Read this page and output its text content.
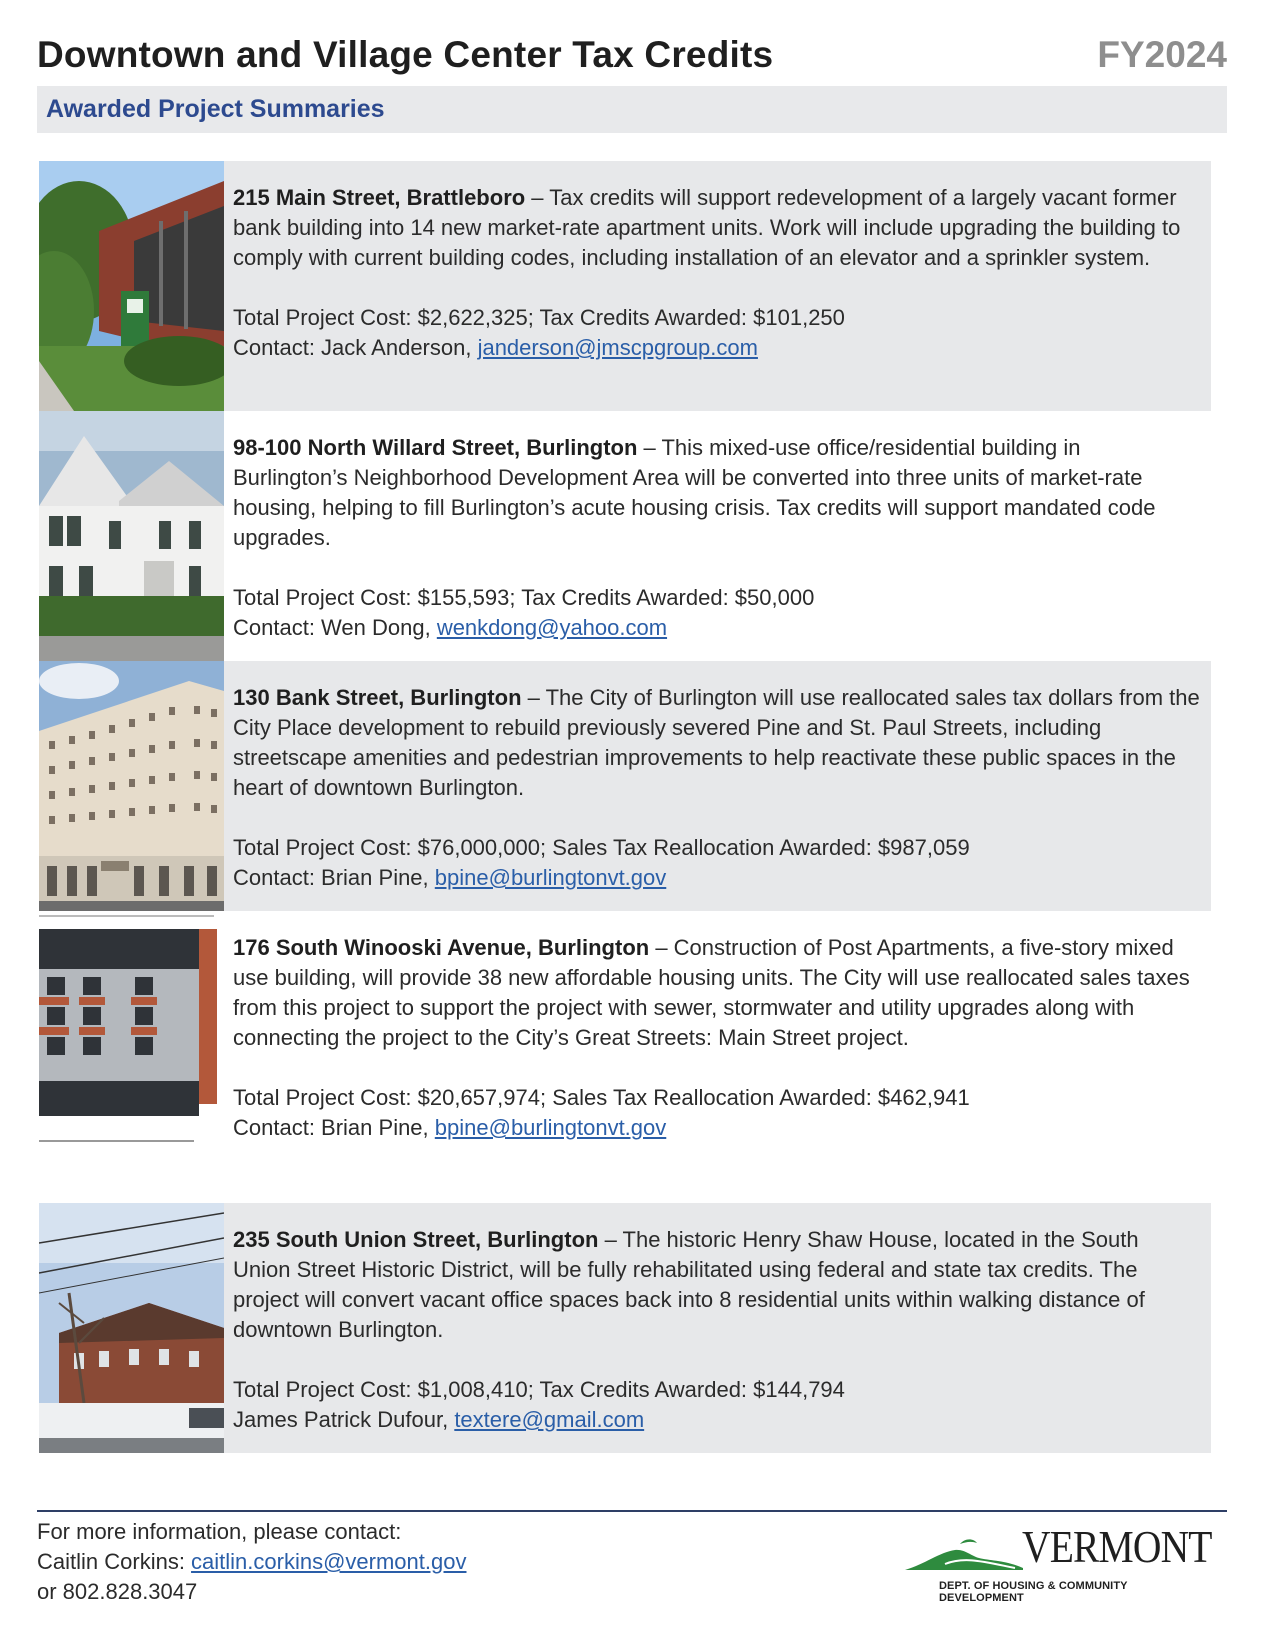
Downtown and Village Center Tax Credits	FY2024
Awarded Project Summaries

215 Main Street, Brattleboro – Tax credits will support redevelopment of a largely vacant former bank building into 14 new market-rate apartment units. Work will include upgrading the building to comply with current building codes, including installation of an elevator and a sprinkler system.

Total Project Cost: $2,622,325; Tax Credits Awarded: $101,250

Contact: Jack Anderson, janderson@jmscpgroup.com

98-100 North Willard Street, Burlington – This mixed-use office/residential building in Burlington’s Neighborhood Development Area will be converted into three units of market-rate housing, helping to fill Burlington’s acute housing crisis. Tax credits will support mandated code upgrades.

Total Project Cost: $155,593; Tax Credits Awarded: $50,000

Contact: Wen Dong, wenkdong@yahoo.com

130 Bank Street, Burlington – The City of Burlington will use reallocated sales tax dollars from the City Place development to rebuild previously severed Pine and St. Paul Streets, including streetscape amenities and pedestrian improvements to help reactivate these public spaces in the heart of downtown Burlington.

Total Project Cost: $76,000,000; Sales Tax Reallocation Awarded: $987,059

Contact: Brian Pine, bpine@burlingtonvt.gov

176 South Winooski Avenue, Burlington – Construction of Post Apartments, a five-story mixed use building, will provide 38 new affordable housing units. The City will use reallocated sales taxes from this project to support the project with sewer, stormwater and utility upgrades along with connecting the project to the City’s Great Streets: Main Street project.

Total Project Cost: $20,657,974; Sales Tax Reallocation Awarded: $462,941

Contact: Brian Pine, bpine@burlingtonvt.gov

235 South Union Street, Burlington – The historic Henry Shaw House, located in the South Union Street Historic District, will be fully rehabilitated using federal and state tax credits. The project will convert vacant office spaces back into 8 residential units within walking distance of downtown Burlington.

Total Project Cost: $1,008,410; Tax Credits Awarded: $144,794

James Patrick Dufour, textere@gmail.com

For more information, please contact:

Caitlin Corkins: caitlin.corkins@vermont.gov

or 802.828.3047

VERMONT
DEPT. OF HOUSING & COMMUNITY DEVELOPMENT
